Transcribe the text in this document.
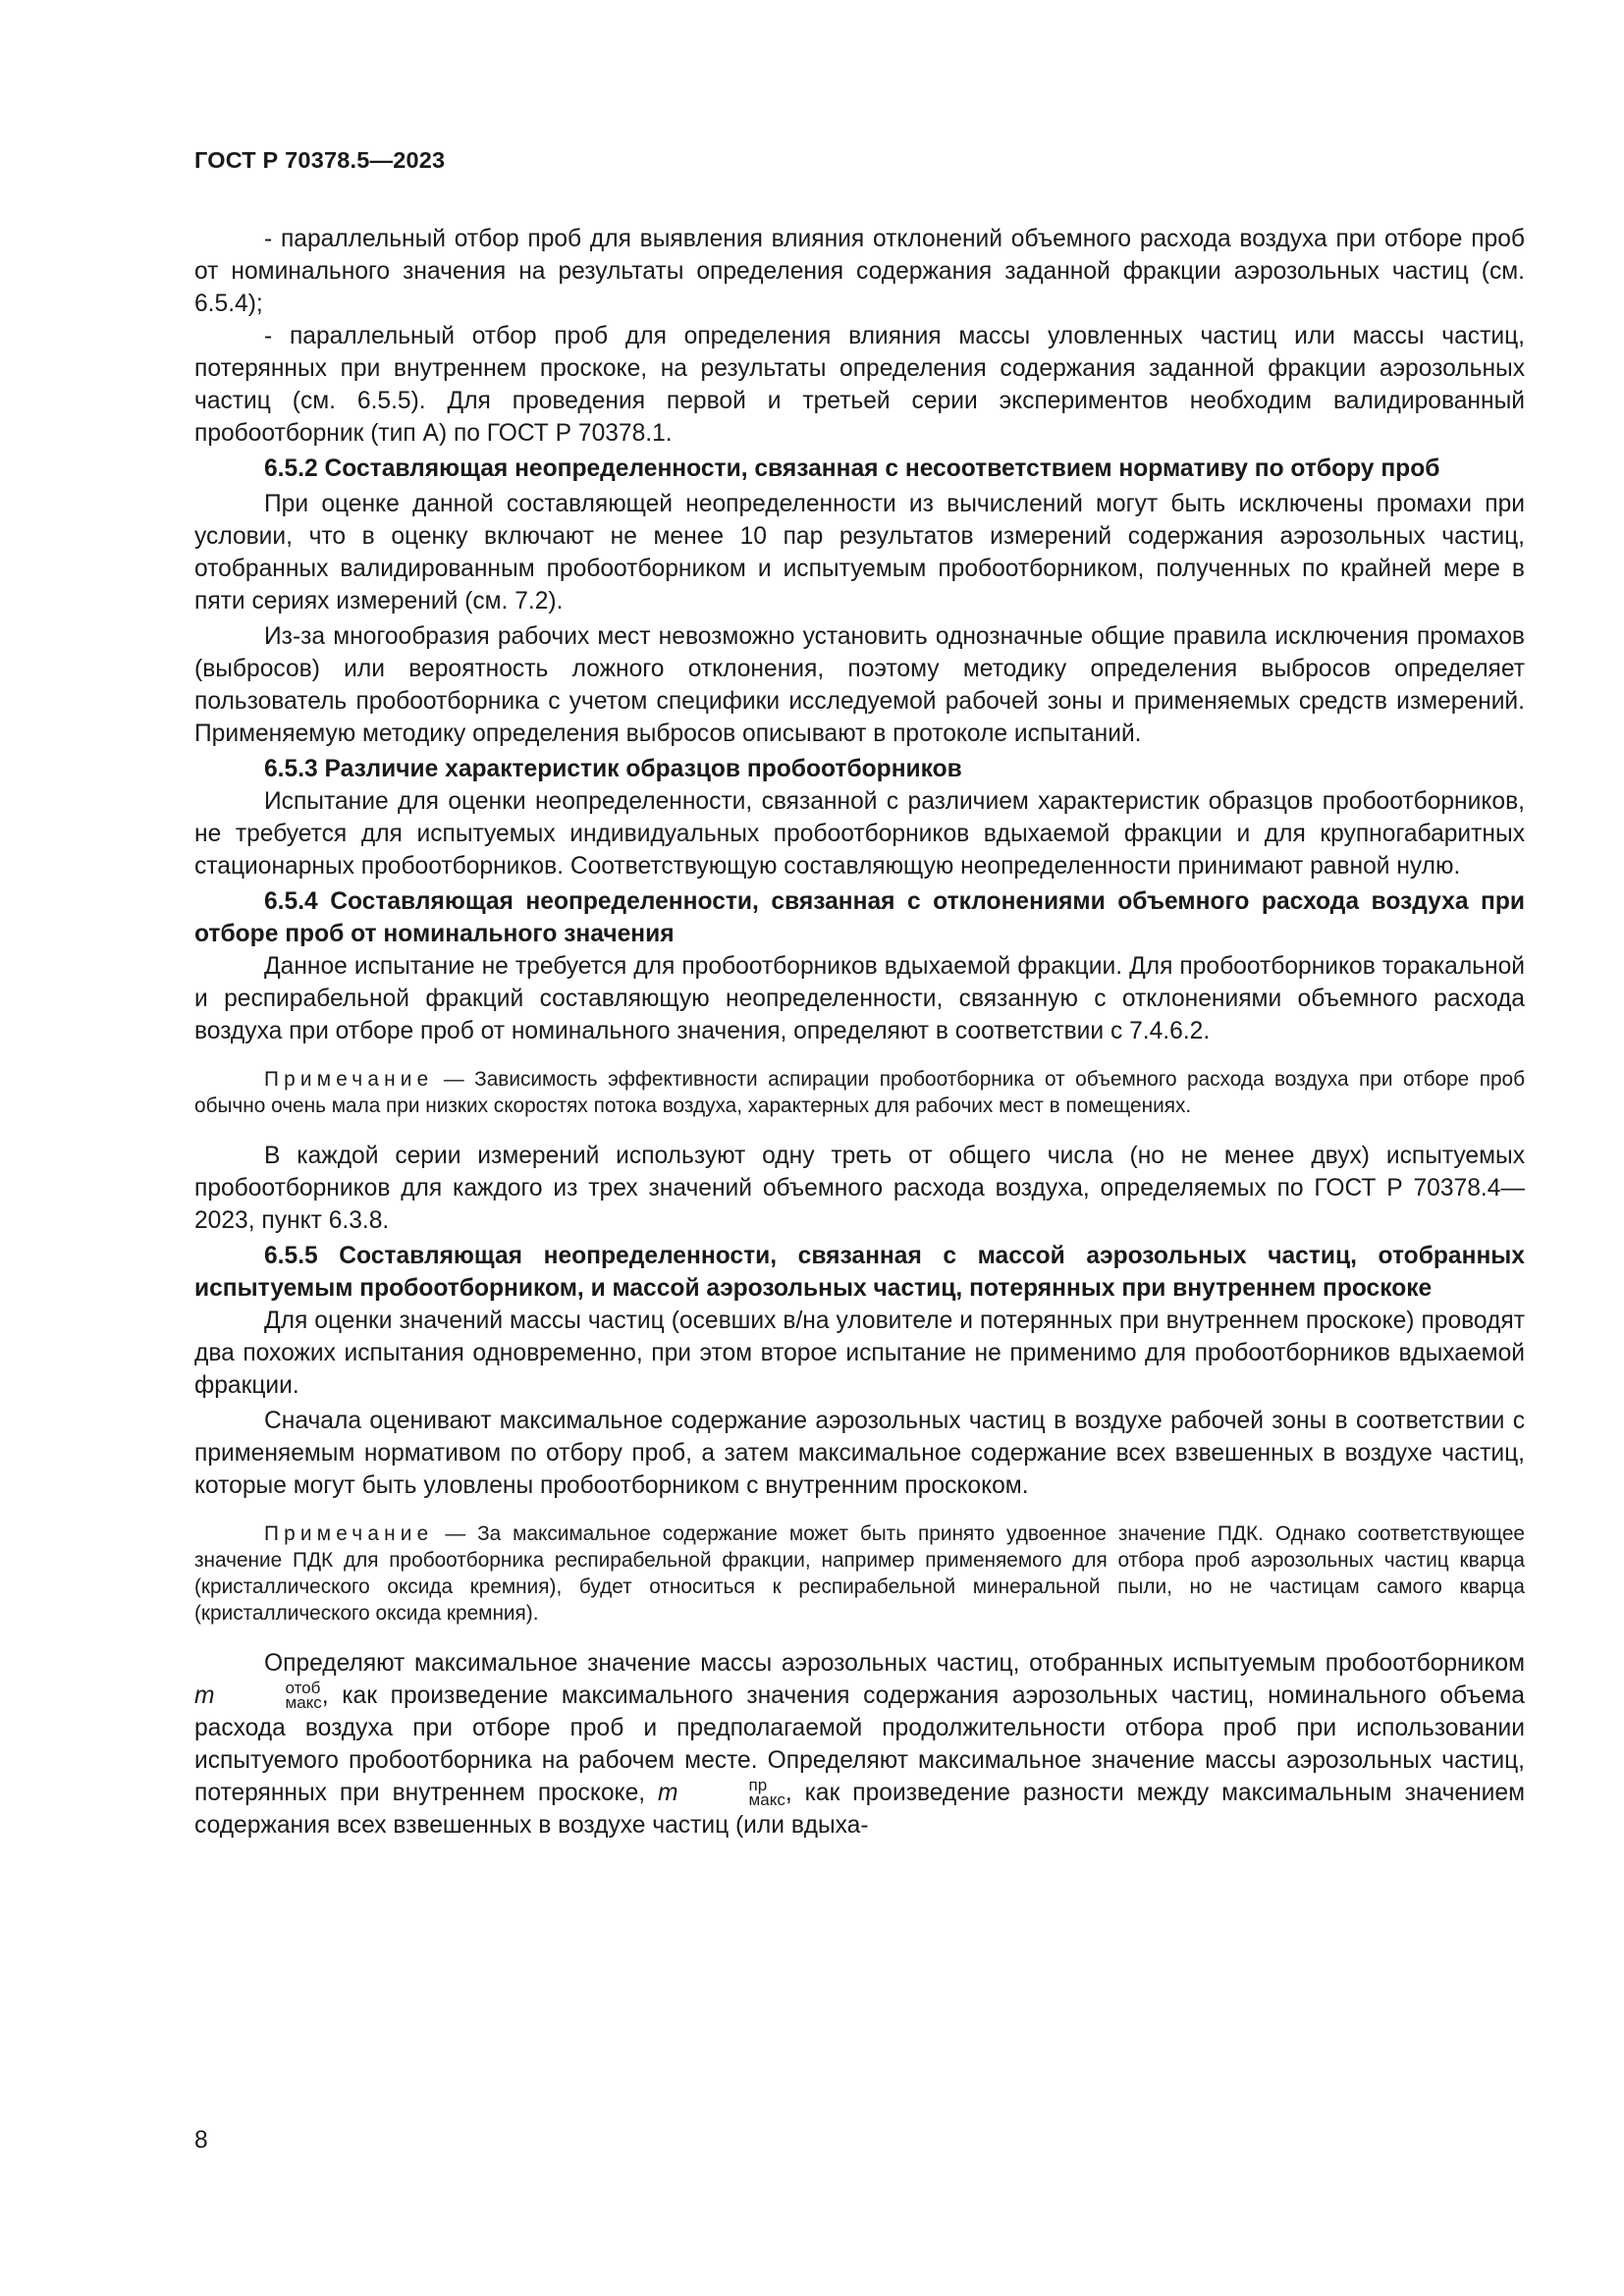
ГОСТ Р 70378.5—2023

- параллельный отбор проб для выявления влияния отклонений объемного расхода воздуха при отборе проб от номинального значения на результаты определения содержания заданной фракции аэрозольных частиц (см. 6.5.4);

- параллельный отбор проб для определения влияния массы уловленных частиц или массы частиц, потерянных при внутреннем проскоке, на результаты определения содержания заданной фракции аэрозольных частиц (см. 6.5.5). Для проведения первой и третьей серии экспериментов необходим валидированный пробоотборник (тип А) по ГОСТ Р 70378.1.

6.5.2 Составляющая неопределенности, связанная с несоответствием нормативу по отбору проб

При оценке данной составляющей неопределенности из вычислений могут быть исключены промахи при условии, что в оценку включают не менее 10 пар результатов измерений содержания аэрозольных частиц, отобранных валидированным пробоотборником и испытуемым пробоотборником, полученных по крайней мере в пяти сериях измерений (см. 7.2).

Из-за многообразия рабочих мест невозможно установить однозначные общие правила исключения промахов (выбросов) или вероятность ложного отклонения, поэтому методику определения выбросов определяет пользователь пробоотборника с учетом специфики исследуемой рабочей зоны и применяемых средств измерений. Применяемую методику определения выбросов описывают в протоколе испытаний.

6.5.3 Различие характеристик образцов пробоотборников

Испытание для оценки неопределенности, связанной с различием характеристик образцов пробоотборников, не требуется для испытуемых индивидуальных пробоотборников вдыхаемой фракции и для крупногабаритных стационарных пробоотборников. Соответствующую составляющую неопределенности принимают равной нулю.

6.5.4 Составляющая неопределенности, связанная с отклонениями объемного расхода воздуха при отборе проб от номинального значения

Данное испытание не требуется для пробоотборников вдыхаемой фракции. Для пробоотборников торакальной и респирабельной фракций составляющую неопределенности, связанную с отклонениями объемного расхода воздуха при отборе проб от номинального значения, определяют в соответствии с 7.4.6.2.

Примечание — Зависимость эффективности аспирации пробоотборника от объемного расхода воздуха при отборе проб обычно очень мала при низких скоростях потока воздуха, характерных для рабочих мест в помещениях.

В каждой серии измерений используют одну треть от общего числа (но не менее двух) испытуемых пробоотборников для каждого из трех значений объемного расхода воздуха, определяемых по ГОСТ Р 70378.4—2023, пункт 6.3.8.

6.5.5 Составляющая неопределенности, связанная с массой аэрозольных частиц, отобранных испытуемым пробоотборником, и массой аэрозольных частиц, потерянных при внутреннем проскоке

Для оценки значений массы частиц (осевших в/на уловителе и потерянных при внутреннем проскоке) проводят два похожих испытания одновременно, при этом второе испытание не применимо для пробоотборников вдыхаемой фракции.

Сначала оценивают максимальное содержание аэрозольных частиц в воздухе рабочей зоны в соответствии с применяемым нормативом по отбору проб, а затем максимальное содержание всех взвешенных в воздухе частиц, которые могут быть уловлены пробоотборником с внутренним проскоком.

Примечание — За максимальное содержание может быть принято удвоенное значение ПДК. Однако соответствующее значение ПДК для пробоотборника респирабельной фракции, например применяемого для отбора проб аэрозольных частиц кварца (кристаллического оксида кремния), будет относиться к респирабельной минеральной пыли, но не частицам самого кварца (кристаллического оксида кремния).

Определяют максимальное значение массы аэрозольных частиц, отобранных испытуемым пробоотборником m	отоб
макс , как произведение максимального значения содержания аэрозольных частиц, номинального объема расхода воздуха при отборе проб и предполагаемой продолжительности отбора проб при использовании испытуемого пробоотборника на рабочем месте. Определяют максимальное значение массы аэрозольных частиц, потерянных при внутреннем проскоке, m	пр
макс , как произведение разности между максимальным значением содержания всех взвешенных в воздухе частиц (или вдыха-

8
